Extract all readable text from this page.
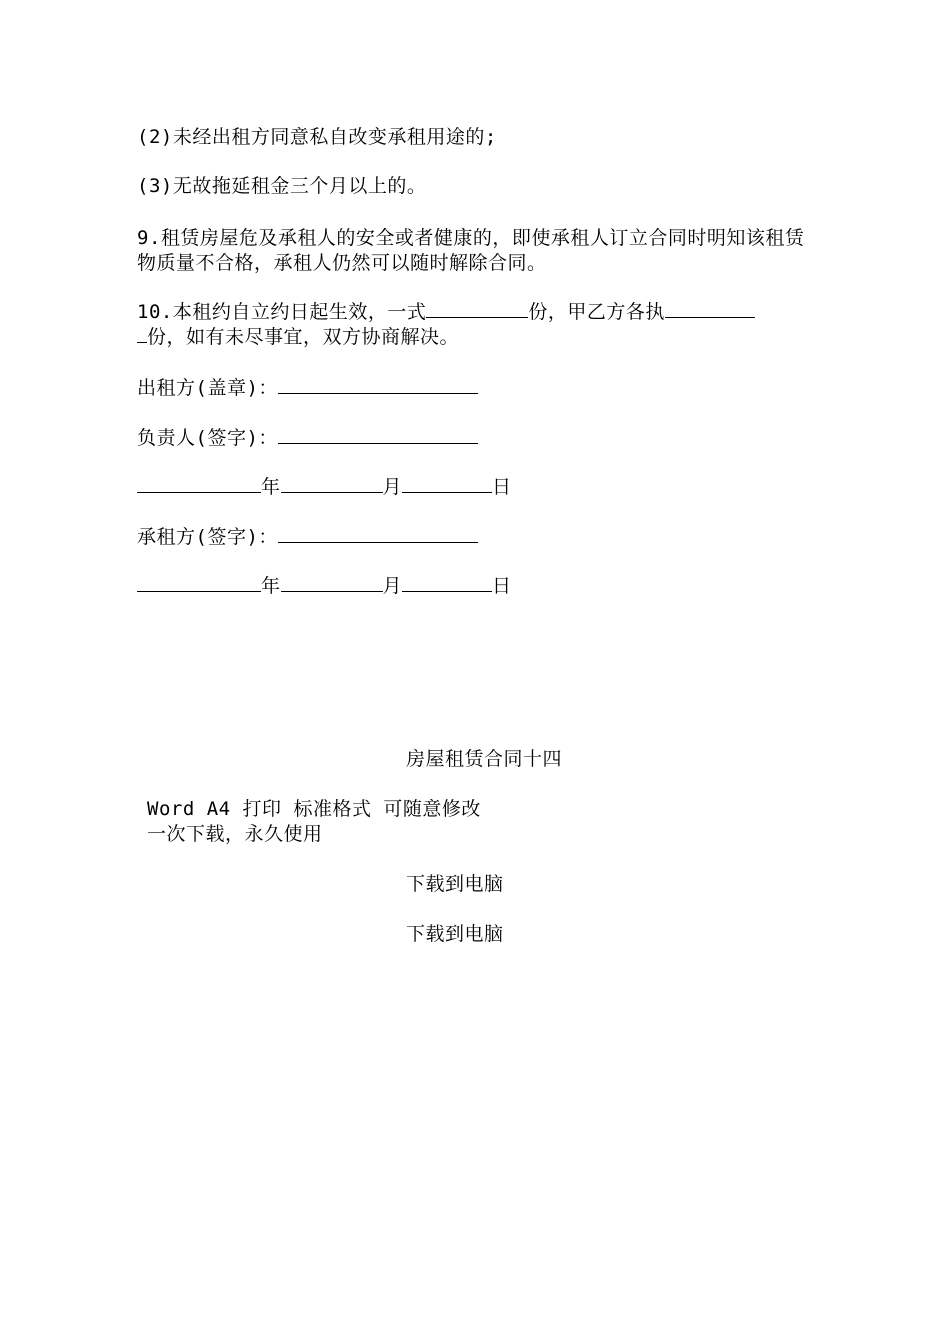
(2)未经出租方同意私自改变承租用途的;
(3)无故拖延租金三个月以上的。
9.租赁房屋危及承租人的安全或者健康的，即使承租人订立合同时明知该租赁物质量不合格，承租人仍然可以随时解除合同。
10.本租约自立约日起生效，一式	份，甲乙方各执
份，如有未尽事宜，双方协商解决。
出租方(盖章)：
负责人(签字)：
年	月	日
承租方(签字)：
年	月	日
房屋租赁合同十四
Word A4 打印 标准格式 可随意修改
一次下载，永久使用
下载到电脑
下载到电脑
